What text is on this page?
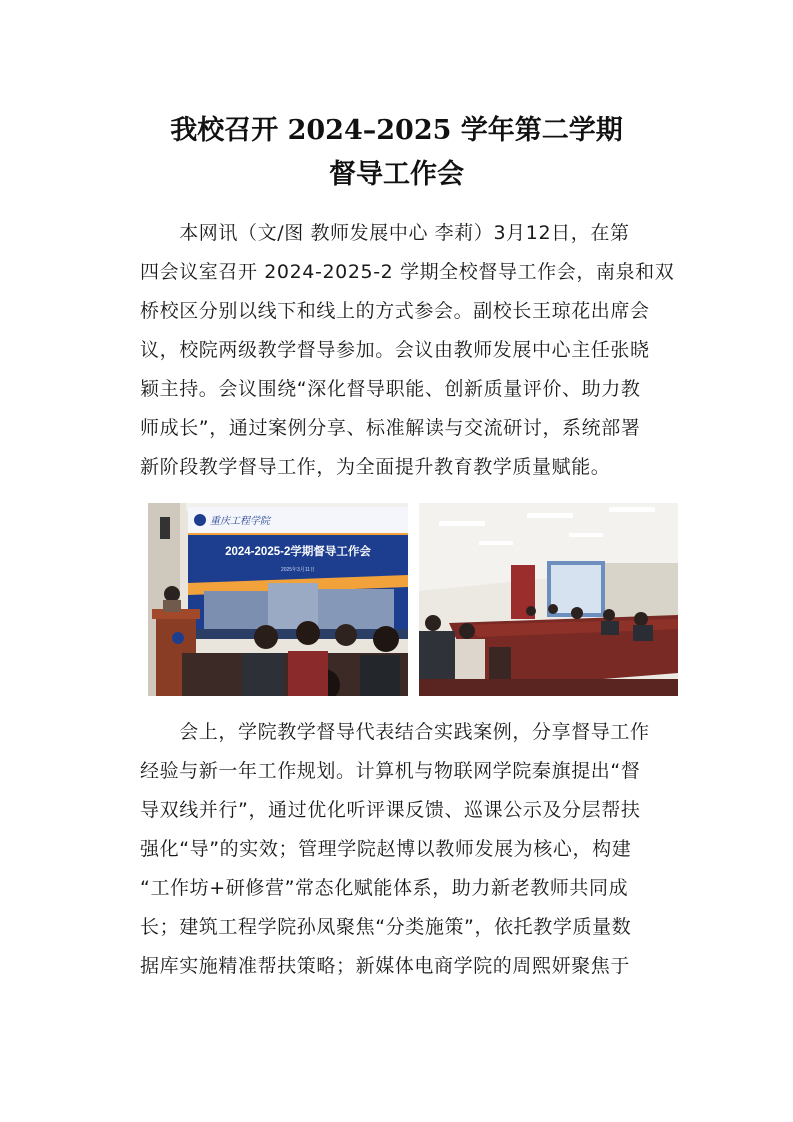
我校召开 2024–2025 学年第二学期
督导工作会
　　本网讯（文/图 教师发展中心 李莉）3月12日，在第
四会议室召开 2024-2025-2 学期全校督导工作会，南泉和双
桥校区分别以线下和线上的方式参会。副校长王琼花出席会
议，校院两级教学督导参加。会议由教师发展中心主任张晓
颖主持。会议围绕“深化督导职能、创新质量评价、助力教
师成长”，通过案例分享、标准解读与交流研讨，系统部署
新阶段教学督导工作，为全面提升教育教学质量赋能。
重庆工程学院
2024-2025-2学期督导工作会
2025年3月11日
　　会上，学院教学督导代表结合实践案例，分享督导工作
经验与新一年工作规划。计算机与物联网学院秦旗提出“督
导双线并行”，通过优化听评课反馈、巡课公示及分层帮扶
强化“导”的实效；管理学院赵博以教师发展为核心，构建
“工作坊+研修营”常态化赋能体系，助力新老教师共同成
长；建筑工程学院孙凤聚焦“分类施策”，依托教学质量数
据库实施精准帮扶策略；新媒体电商学院的周熙妍聚焦于
